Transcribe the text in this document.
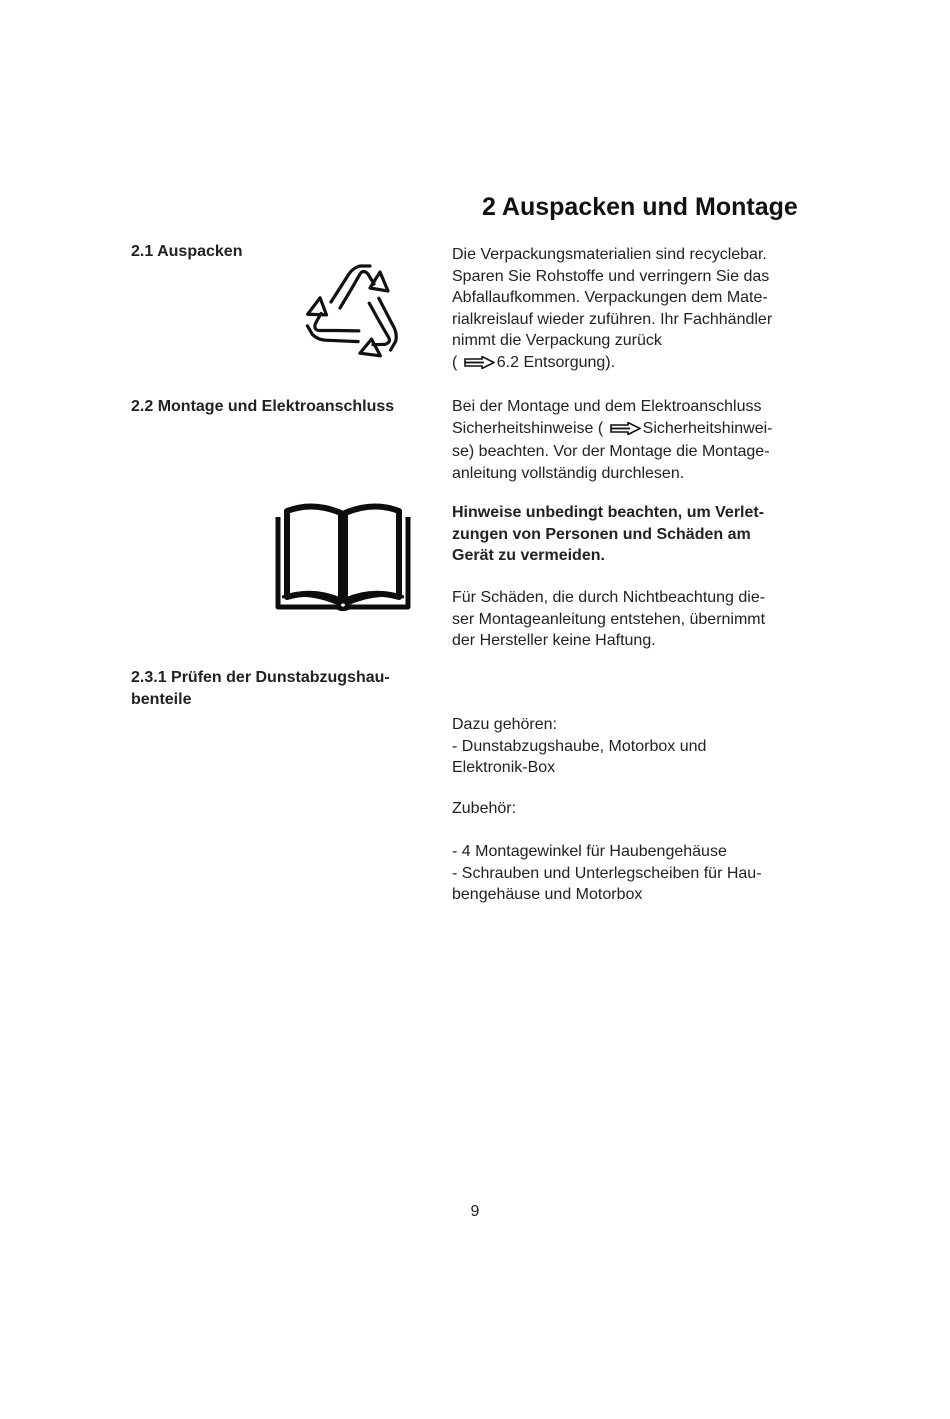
2 Auspacken und Montage
2.1 Auspacken	Die Verpackungsmaterialien sind recyclebar.
Sparen Sie Rohstoffe und verringern Sie das
Abfallaufkommen. Verpackungen dem Mate-
rialkreislauf wieder zuführen. Ihr Fachhändler
nimmt die Verpackung zurück
( 6.2 Entsorgung).
2.2 Montage und Elektroanschluss	Bei der Montage und dem Elektroanschluss
Sicherheitshinweise ( Sicherheitshinwei-
se) beachten. Vor der Montage die Montage-
anleitung vollständig durchlesen.
Hinweise unbedingt beachten, um Verlet-
zungen von Personen und Schäden am
Gerät zu vermeiden.
Für Schäden, die durch Nichtbeachtung die-
ser Montageanleitung entstehen, übernimmt
der Hersteller keine Haftung.
2.3.1 Prüfen der Dunstabzugshau-
benteile
Dazu gehören:
- Dunstabzugshaube, Motorbox und
Elektronik-Box
Zubehör:
- 4 Montagewinkel für Haubengehäuse
- Schrauben und Unterlegscheiben für Hau-
bengehäuse und Motorbox
9
